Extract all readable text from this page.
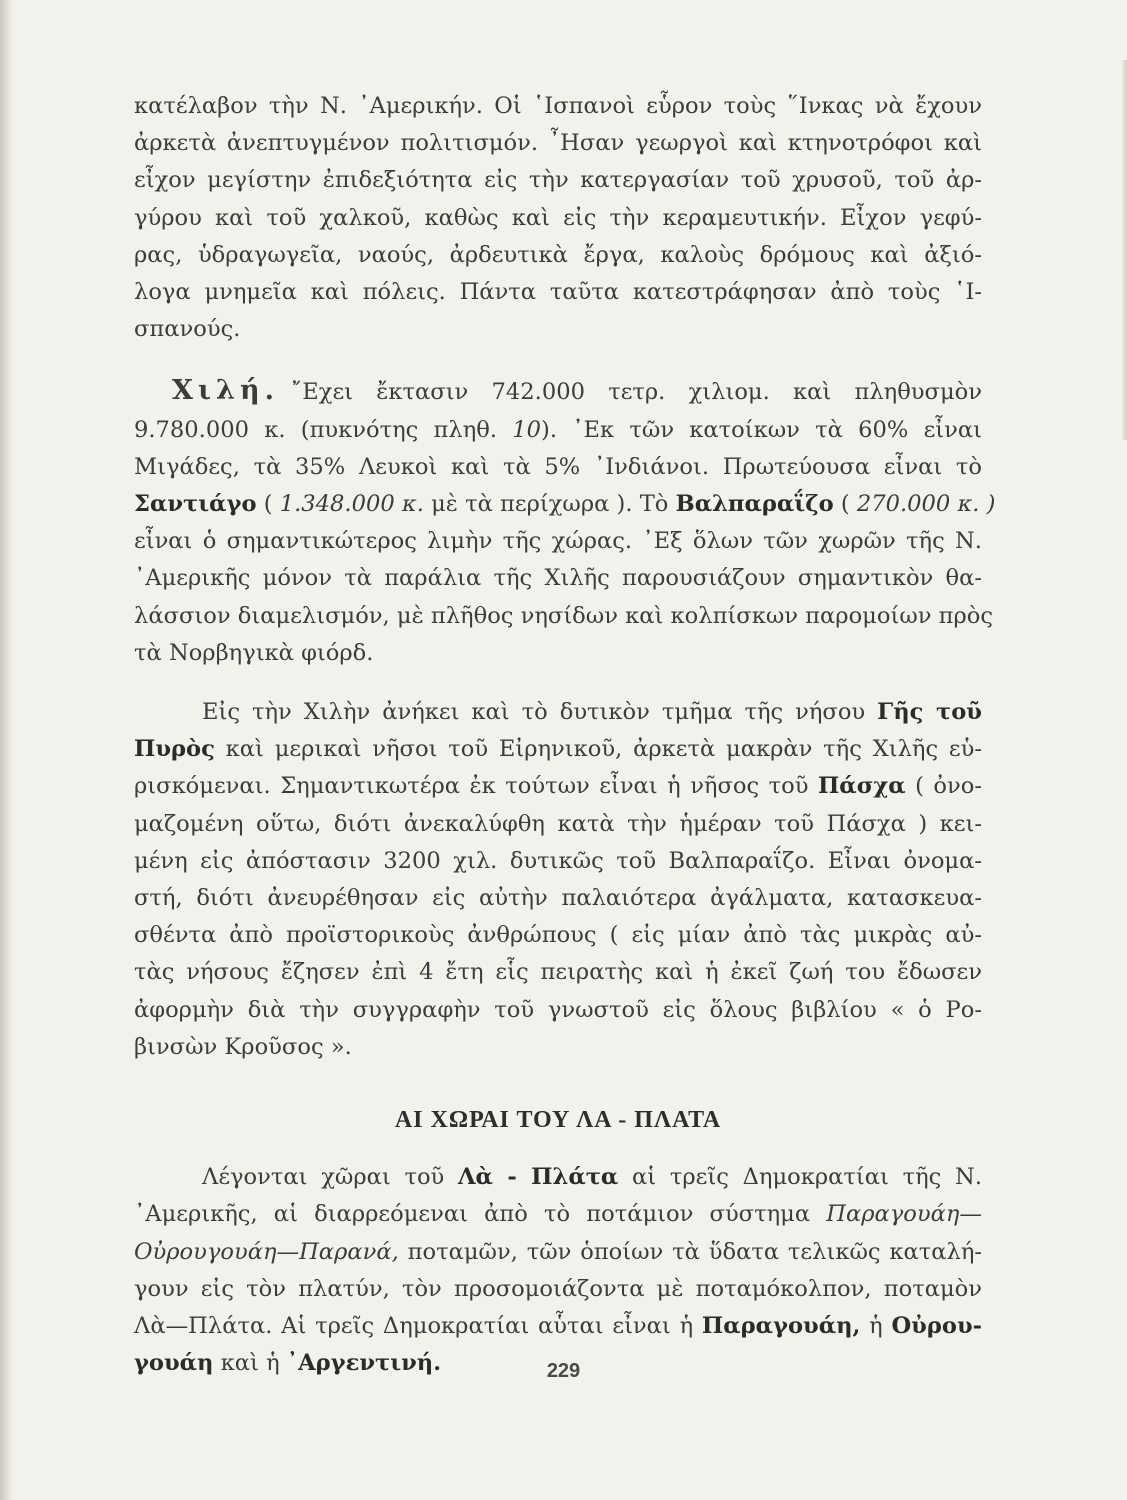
κατέλαβον τὴν Ν. ᾿Αμερικήν. Οἱ ῾Ισπανοὶ εὗρον τοὺς ῞Ινκας νὰ ἔχουν
ἀρκετὰ ἀνεπτυγμένον πολιτισμόν. ῏Ησαν γεωργοὶ καὶ κτηνοτρόφοι καὶ
εἶχον μεγίστην ἐπιδεξιότητα εἰς τὴν κατεργασίαν τοῦ χρυσοῦ, τοῦ ἀρ-
γύρου καὶ τοῦ χαλκοῦ, καθὼς καὶ εἰς τὴν κεραμευτικήν. Εἶχον γεφύ-
ρας, ὑδραγωγεῖα, ναούς, ἀρδευτικὰ ἔργα, καλοὺς δρόμους καὶ ἀξιό-
λογα μνημεῖα καὶ πόλεις. Πάντα ταῦτα κατεστράφησαν ἀπὸ τοὺς ῾Ι-
σπανούς.
Χιλή. ῎Εχει ἔκτασιν 742.000 τετρ. χιλιομ. καὶ πληθυσμὸν
9.780.000 κ. (πυκνότης πληθ. 10). ᾿Εκ τῶν κατοίκων τὰ 60% εἶναι
Μιγάδες, τὰ 35% Λευκοὶ καὶ τὰ 5% ᾿Ινδιάνοι. Πρωτεύουσα εἶναι τὸ
Σαντιάγο ( 1.348.000 κ. μὲ τὰ περίχωρα ). Τὸ Βαλπαραΐζο ( 270.000 κ. )
εἶναι ὁ σημαντικώτερος λιμὴν τῆς χώρας. ᾿Εξ ὅλων τῶν χωρῶν τῆς Ν.
᾿Αμερικῆς μόνον τὰ παράλια τῆς Χιλῆς παρουσιάζουν σημαντικὸν θα-
λάσσιον διαμελισμόν, μὲ πλῆθος νησίδων καὶ κολπίσκων παρομοίων πρὸς
τὰ Νορβηγικὰ φιόρδ.
Εἰς τὴν Χιλὴν ἀνήκει καὶ τὸ δυτικὸν τμῆμα τῆς νήσου Γῆς τοῦ
Πυρὸς καὶ μερικαὶ νῆσοι τοῦ Εἰρηνικοῦ, ἀρκετὰ μακρὰν τῆς Χιλῆς εὑ-
ρισκόμεναι. Σημαντικωτέρα ἐκ τούτων εἶναι ἡ νῆσος τοῦ Πάσχα ( ὀνο-
μαζομένη οὕτω, διότι ἀνεκαλύφθη κατὰ τὴν ἡμέραν τοῦ Πάσχα ) κει-
μένη εἰς ἀπόστασιν 3200 χιλ. δυτικῶς τοῦ Βαλπαραΐζο. Εἶναι ὀνομα-
στή, διότι ἀνευρέθησαν εἰς αὐτὴν παλαιότερα ἀγάλματα, κατασκευα-
σθέντα ἀπὸ προϊστορικοὺς ἀνθρώπους ( εἰς μίαν ἀπὸ τὰς μικρὰς αὐ-
τὰς νήσους ἔζησεν ἐπὶ 4 ἔτη εἷς πειρατὴς καὶ ἡ ἐκεῖ ζωή του ἔδωσεν
ἀφορμὴν διὰ τὴν συγγραφὴν τοῦ γνωστοῦ εἰς ὅλους βιβλίου « ὁ Ρο-
βινσὼν Κροῦσος ».
ΑΙ ΧΩΡΑΙ ΤΟΥ ΛΑ - ΠΛΑΤΑ
Λέγονται χῶραι τοῦ Λὰ - Πλάτα αἱ τρεῖς Δημοκρατίαι τῆς Ν.
᾿Αμερικῆς, αἱ διαρρεόμεναι ἀπὸ τὸ ποτάμιον σύστημα Παραγουάη—
Οὐρουγουάη—Παρανά, ποταμῶν, τῶν ὁποίων τὰ ὕδατα τελικῶς καταλή-
γουν εἰς τὸν πλατύν, τὸν προσομοιάζοντα μὲ ποταμόκολπον, ποταμὸν
Λὰ—Πλάτα. Αἱ τρεῖς Δημοκρατίαι αὗται εἶναι ἡ Παραγουάη, ἡ Οὐρου-
γουάη καὶ ἡ ᾿Αργεντινή.	229
